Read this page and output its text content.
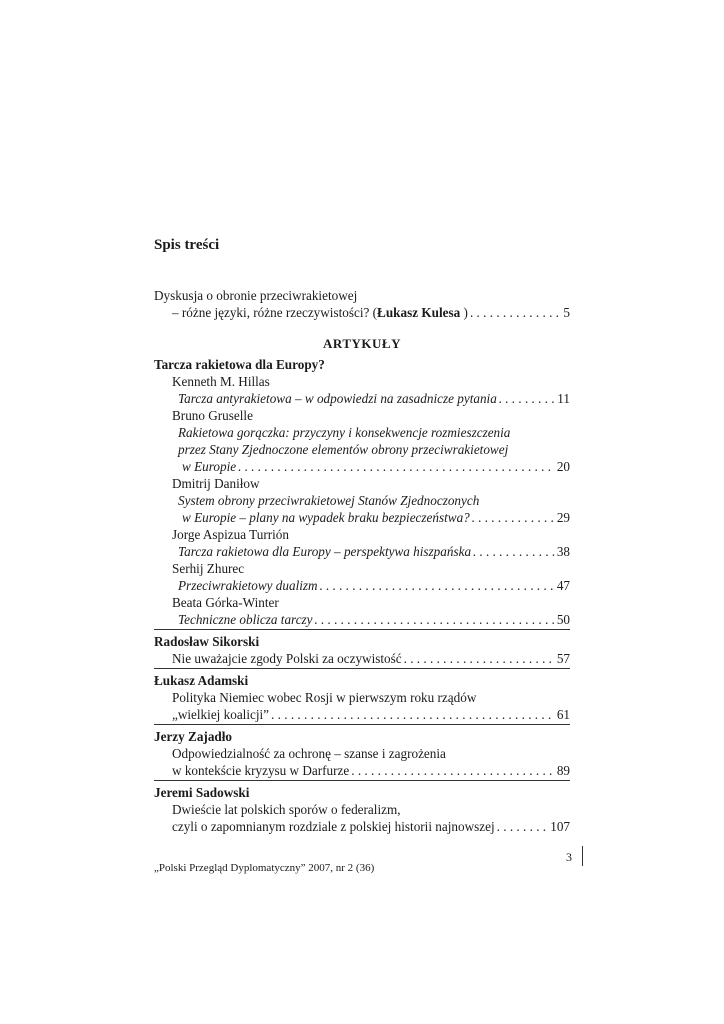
Spis treści
Dyskusja o obronie przeciwrakietowej
– różne języki, różne rzeczywistości? (Łukasz Kulesa ) . . .	5
ARTYKUŁY
Tarcza rakietowa dla Europy?
Kenneth M. Hillas
Tarcza antyrakietowa – w odpowiedzi na zasadnicze pytania . . .	11
Bruno Gruselle
Rakietowa gorączka: przyczyny i konsekwencje rozmieszczenia
przez Stany Zjednoczone elementów obrony przeciwrakietowej
w Europie . . .	20
Dmitrij Daniłow
System obrony przeciwrakietowej Stanów Zjednoczonych
w Europie – plany na wypadek braku bezpieczeństwa? . . .	29
Jorge Aspizua Turrión
Tarcza rakietowa dla Europy – perspektywa hiszpańska . . .	38
Serhij Zhurec
Przeciwrakietowy dualizm . . .	47
Beata Górka-Winter
Techniczne oblicza tarczy . . .	50
Radosław Sikorski
Nie uważajcie zgody Polski za oczywistość . . .	57
Łukasz Adamski
Polityka Niemiec wobec Rosji w pierwszym roku rządów
„wielkiej koalicji” . . .	61
Jerzy Zajadło
Odpowiedzialność za ochronę – szanse i zagrożenia
w kontekście kryzysu w Darfurze . . .	89
Jeremi Sadowski
Dwieście lat polskich sporów o federalizm,
czyli o zapomnianym rozdziale z polskiej historii najnowszej . . .	107
3
„Polski Przegląd Dyplomatyczny” 2007, nr 2 (36)
